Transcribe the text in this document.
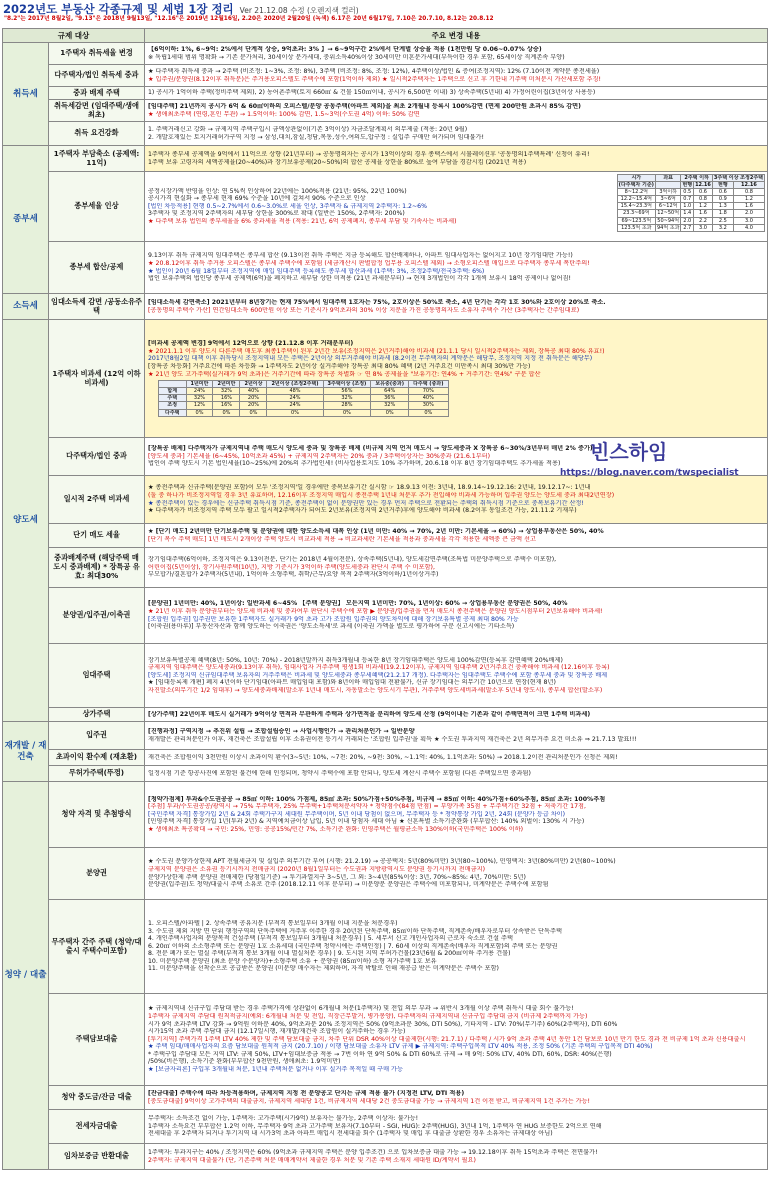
2022년도 부동산 각종규제 및 세법 1장 정리 Ver 21.12.08 수정 (오렌지색 컬러)
"8.2"는 2017년 8월2일, "9.13"은 2018년 9월13일, "12.16"은 2019년 12월16일, 2.20은 2020년 2월20일 (녹색) 6.17은 20년 6월17일, 7.10은 20.7.10, 8.12는 20.8.12
규제 대상	주요 변경 내용
취득세	1주택자 취득세율 변경	【6억이하: 1%, 6~9억: 2%에서 단계적 상승, 9억초과: 3% 】→ 6~9억구간 2%에서 단계별 상승율 적용 (1천만원 당 0.06~0.07% 상승)
※ 독립1세대 범위 명확화 → 기존 분가처리, 30세이상 분가세대, 중위소득40%이상 30세미만 미혼분가세대(부득이한 경우 포함, 65세이상 직계존속 부양)

다주택자/법인 취득세 중과	★ 다주택자 취득세 중과 → 2주택 (비조정: 1~3%, 조정: 8%), 3주택 (비조정: 8%, 조정: 12%), 4주택이상/법인 & 증여(조정지역): 12% (7.10이전 계약분 종전세율)
★ 입주권/분양권(8.12이후 취득분)은 주거용오피스텔도 주택수에 포함(1억이하 제외) ★ 일시적2주택자는 1주택으로 신고 후 기한내 기주택 미처분시 가산세포함 추징!

중과 배제 주택	1) 공시가 1억이하 주택(정비주택 제외), 2) 농어촌주택(토지 660㎡ & 건물 150㎡이내, 공시가 6,500만 이내) 3) 상속주택(5년내) 4) 가정어린이집(3년이상 사용등)

취득세감면 (임대주택/생애최초)	
[임대주택] 21년까지 공시가 6억 & 60㎡이하의 오피스텔/분양 공동주택(아파트 제외)을 최초 2개월내 등록시 100%감면 (면제 200만원 초과시 85% 감면)
★ 생애최초주택 (연령,혼인 무관) → 1.5억이하: 100% 감면, 1.5~3억(수도권 4억) 이하: 50% 감면

취득 요건강화	1. 주택거래신고 강화 → 규제지역 주택구입시 금액상관없이(기존 3억이상) 자금조달계획서 의무제출 (적용: 20년 9월)
2. 개발호재있는 토지거래허가구역 지정 → 삼성,대치,잠실,청담,목동,성수,여의도,압구정 : 실입주 구매만 허가되며 임대불가!

종부세	1주택자 부담축소 (공제액: 11억)	
1주택자 종부세 공제액을 9억에서 11억으로 상향 (21년부터) → 공동명의자는 공시가 13억이상의 경우 종택스에서 시뮬레이션후 '공동명의1주택특례' 신청이 유리!
1주택 보유 고령자의 세액공제율(20~40%)과 장기보유공제(20~50%)의 합산 공제율 상한을 80%로 높여 부담을 경감시킴 (2021년 적용)

종부세율 인상	
공정시장가액 반영율 인상: 연 5%씩 인상하여 22년에는 100%적용 (21년: 95%, 22년 100%)
공시가격 현실화 → 종부세 현재 69% 수준을 10년에 걸쳐서 90% 수준으로 인상
[법인 차등적용] 현행 0.5~2.7%에서 0.6~3.0%로 세율 인상, 3주택자 & 규제지역 2주택자: 1.2~6%
3주택자 및 조정지역 2주택자의 세부담 상한을 300%로 확대 (일반은 150%, 2주택자: 200%)
★ 다주택 보유 법인의 종부세율을 6% 중과세율 적용 (적용: 21년, 6억 공제폐지, 종부세 부담 및 기속사는 비과세)
시가	과표	2주택 이하	3주택 이상 조정2주택
(다주택자 기준)		현행	12.16	현행	12.16
8~12.2억	3억이하	0.5	0.6	0.6	0.8
12.2~15.4억	3~6억	0.7	0.8	0.9	1.2
15.4~23.3억	6~12억	1.0	1.2	1.3	1.6
23.3~69억	12~50억	1.4	1.6	1.8	2.0
69~123.5억	50~94억	2.0	2.2	2.5	3.0
123.5억 초과	94억 초과	2.7	3.0	3.2	4.0

종부세 합산/공제	
9.13이후 취득 규제지역 임대주택은 종부세 합산 (9.13이전 취득 주택은 지금 등록해도 합산배제하나, 아파트 임대사업자는 없어지고 10년 장기임대만 가능!)
★ 20.8.12이후 취득 주거용 오피스텔은 종부세 주택수에 포함됨 (세금개산시 판별합정 업무용 오피스텔 제외) → 소형오피스텔 매입으로 다주택자 종부세 폭탄주의!
★ 법인이 20년 6월 18일부터 조정지역에 매입 임대주택 등록해도 종부세 합산과세 (1주택: 3%, 조정2주택/전국3주택: 6%)
법인 보유주택의 법인당 종부세 공제액(6억)을 폐지하고 세부담 상한 미적용 (21년 과세분부터) → 현재 3개법인이 각각 1개씩 보유시 18억 공제이나 없어짐!

소득세	임대소득세 감면 /공동소유주택	
[임대소득세 감면축소] 2021년부터 8년장기는 현재 75%에서 임대주택 1호자는 75%, 2호이상은 50%로 축소, 4년 단기는 각각 1호 30%와 2호이상 20%로 축소.
[공동명의 주택수 가산] 연간임대소득 600만원 이상 또는 기준시가 9억초과의 30% 이상 지분을 가진 공동명의자도 소유자 주택수 가산 (3주택자는 간주임대료)

양도세	1주택자 비과세 (12억 이하 비과세)	
[비과세 공제액 변경] 9억에서 12억으로 상향 (21.12.8 이후 거래분부터)
★ 2021.1.1 이후 양도시 다른주택 매도후 최종1주택이 된후 2년간 보유(조정지역은 2년거주)해야 비과세 (21.1.1 당시 일시적2주택자는 제외, 장특공 최대 80% 유효!)
2017년8월2일 대책 이후 취득당시 조정지역내 모든 주택은 2년이상 의무거주해야 비과세 (8.2이전 무주택자의 계약분은 해당무, 조정지역 지정 전 취득분은 해당무)
[장특공 차등화] 거주요건에 따른 차등화 → 1주택자도 2년이상 실거주해야 장특공 최대 80% 혜택 (2년 거주요건 미만족시 최대 30%만 가능)
★ 21년 양도 고가주택(실거래가 9억 초과)은 거주기간에 따라 장특공 차별화 ☞ 연 8% 공제율을 "보유기간: 연4% + 거주기간: 연4%" 구분 합산
	1년미만	2년미만	2년이상	2년이상 (조정2주택)	3주택이상 (조정)	보유중(중과)	다주택 (중과)
합계	24%	32%	40%	48%	56%	64%	70%
주택	32%	16%	20%	24%	32%	36%	40%
조정	12%	16%	20%	24%	28%	32%	30%
다주택	0%	0%	0%	0%	0%	0%	0%

다주택자/법인 중과	
[장특공 배제] 다주택자가 규제지역내 주택 매도시 양도세 중과 및 장특공 배제 (비규제 지역 먼저 매도시 → 양도세중과 X 장특공 6~30%/3년부터 매년 2% 증가)
[양도세 중과] 기본세율 (6~45%, 10억초과 45%) + 규제지역 2주택자는 20% 중과 / 3주택이상자는 30%중과 (21.6.1부터)
법인이 주택 양도시 기본 법인세율(10~25%)에 20%의 추가법인세! (비사업용토지도 10% 추가하며, 20.6.18 이후 8년 장기임대주택도 추가세율 적용)

일시적 2주택 비과세	
★ 종전주택과 신규주택(분양권 포함)이 모두 '조정지역'일 경우에만 중복보유기간 실시함 ☞ 18.9.13 이전: 3년내, 18.9.14~19.12.16: 2년내, 19.12.17~: 1년내
(둘 중 하나가 비조정지역일 경우 3년 유효하며, 12.16이후 조정지역 매입시 종전주택 1년내 처분후 추가 전입해야 비과세 가능하며 입주권 양도는 양도세 중과 최대2년연장)
★ 종전주택이 있는 경우에는 신규주택 취득시점 기준, 종전주택이 없이 분양권만 있는 경우 먼저 주택으로 전환되는 주택의 취득시점 기준으로 중복보유기간 산정!
★ 다주택자가 비조정지역 주택 모두 팔고 일시적2주택자가 되어도 2년보유(조정지역 2년거주)후에 양도해야 비과세 (8.2이후 동일조건 가능, 21.11.2 기재부)

단기 매도 세율	★ [단기 매도] 2년미만 단기보유주택 및 분양권에 대한 양도소득세 대폭 인상 (1년 미만: 40% → 70%, 2년 미만: 기본세율 → 60%) → 상업용부동산은 50%, 40%
[단기 복수 주택 매도] 1년 매도시 2개이상 주택 양도시 비교과세 적용 → 비교과세란 기본세율 적용과 중과세율 각각 적용한 세액중 큰 금액 선고

중과배제주택 (해당주택 매도시 중과배제) * 장특공 유효: 최대30%	
장기임대주택(6억이하, 조정지역은 9.13이전분, 단기는 2018년 4월이전분), 상속주택(5년내), 양도세감면주택(조특법 미분양주택으로 주택수 미포함),
어린이집(5년이상), 장기사원주택(10년), 지방 기준시가 3억이하 주택(양도세중과 판단시 주택 수 미포함),
부모합가/결혼합가 2주택자(5년내), 1억이하 소형주택, 취학/근무/요양 목적 2주택자(3억이하/1년이상거주)

분양권/입주권/이축권	
[분양권] 1년미만: 40%, 1년이상: 일반과세 6~45% 【주택 분양권】 모든지역 1년미만: 70%, 1년이상: 60% → 상업용부동산 분양권은 50%, 40%
★ 21년 이후 취득 분양권부터는 양도세 비과세 및 중과여부 판단시 주택수에 포함 ▶ 분양권/입주권을 먼저 매도시 종전주택은 분양권 양도시점부터 2년보유해야 비과세!
[조합원 입주권] 입주권만 보유한 1주택자도 실거래가 9억 초과 고가 조합원 입주권의 양도차익에 대해 장기보유특별 공제 최대 80% 가능
[이축권(용마루)] 부동산자산과 함께 양도하는 이축권은 '양도소득세'로 과세 (이축권 가액을 별도로 평가하여 구분 신고시에는 기타소득)

임대주택	
장기보유특별공제 혜택(8년: 50%, 10년: 70%) - 2018년말까지 취득3개월내 등록한 8년 장기임대주택은 양도세 100%감면(등록후 감면혜택 20%배제)
규제지역 임대주택은 양도세중과(9.13이후 취득), 임대사업자 거주주택 평생1회 비과세(19.2.12이후), 규제지역 임대주택 2년거주요건 충족해야 비과세 (12.16이후 등록)
[양도세] 조정지역 신규임대주택 보유자의 거주주택은 비과세 및 양도세중과 종부세혜택(21.2.17 개정). 다주택자는 임대주택도 주택수에 포함 종부세 중과 및 장특공 배제
★ [임대등록제 개편] 폐지 4년이하 단기임대(아파트 매입임대 포함)와 8년이하 매입임대 전환불가, 신규 장기임대는 의무기간 10년으로 연장(현재 8년)
자진말소(의무기간 1/2 임대후) → 양도세중과배제(말소후 1년내 매도시, 자동말소는 양도시기 무관), 거주주택 양도세비과세(말소후 5년내 양도시), 종부세 합산(말소후)

상가주택	[상가주택] 22년이후 매도시 실거래가 9억이상 면적과 무관하게 주택과 상가면적을 분리하여 양도세 산정 (9억이내는 기존과 같이 주택면적이 크면 1주택 비과세)

재개발 / 재건축	입주권	[진행과정] 구역지정 → 추진위 설립 → 조합설립승인 → 사업시행인가 → 관리처분인가 → 일반분양
재개발은 관리처분인가 이후, 재건축은 조합설립 이후 소유권이전 등기시 거래되는 '조합원 입주권'을 획득 ★ 수도권 투과지역 재건축은 2년 의무거주 요건 미소유 ⇒ 21.7.13 발표!!!

초과이익 환수제 (재초환)	재건축은 조합원이익 3천만원 이상시 초과이익 환수(3~5년: 10%, ~7천: 20%, ~9천: 30%, ~1.1억: 40%, 1.1억초과: 50%) → 2018.1.2이전 관리처분인가 신청은 제외!

무허가주택(뚜껑)	일정시점 기준 항공사진에 포함된 불건에 한해 인정되며, 청약시 주택수에 포함 안되나, 양도세 계산시 주택수 포함됨 (다른 주택있으면 중과됨)

청약 / 대출	청약 자격 및 추첨방식	
[청약가점제] 투과&수도권공공 → 85㎡ 이하: 100% 가점제, 85㎡ 초과: 50%가점+50%추첨, 비규제 → 85㎡ 이하: 40%가점+60%추첨, 85㎡ 초과: 100%추첨
[추첨] 투과/수도권공공/광역시 → 75% 무주택자, 25% 무주택+1주택처분서약자 * 청약점수(84점 만점) = 부양가족 35점 + 무주택기간 32점 + 저축기간 17점,
[국민주택 자격] 통장가입 2년 & 24회 주택가구지 세대원 무주택이며, 5년 이내 당첨이 없으며, 무주택자 등 * 청약통장 가입 2년, 24회 (분양가 등급 차이)
[민영주택 자격] 통장가입 1년(투과 2년) & 지역예치금이상 납입, 5년 이내 당첨자 세대 아님 ★ 신혼특별 소득기준완화 (부부합산: 140% 외벌이: 130% 시 가능)
★ 생애최초 특공확대 → 국민: 25%, 민영: 공공15%/민간 7%, 소득기준 완화: 민영주택은 월평균소득 130%이하(국민주택은 100% 이하)

분양권	
★ 수도권 분양가상한제 APT 전월세금지 및 실입주 의무기간 부여 (시행: 21.2.19) → 공공택지: 5년(80%미만) 3년(80~100%), 민영택지: 3년(80%미만) 2년(80~100%)
규제지역 분양권은 소유권 등기시까지 전매금지 (2020년 8월1일부터는 수도권과 지방광역시도 분양권 등기시까지 전매금지)
분양가상한제 주택 분양권 전매제한 (당첨일기준) → 투기과열지구 3~5년, 그 외: 3~4년(85%이상: 3년, 70%~85%: 4년, 70%미만: 5년)
분양권(입주권)도 청약/대출시 주택 소유로 간주 (2018.12.11 이후 분부터) → 미분양분 분양권은 주택수에 미포함되나, 미계약분은 주택수에 포함됨

무주택자 간주 주택 (청약/대출시 주택수미포함)	
1. 오피스텔/아파텔 | 2. 상속주택 공유지분 (부적격 통보일부터 3개월 이내 지분을 처분경우)
3. 수도권 제외 지방 면 단위 행정구역의 단독주택에 거주후 이주한 경우 20년된 단독주택, 85㎡이하 단독주택, 직계존속/배우자로부터 상속받은 단독주택
4. 개인주택사업자의 분양목적 건설주택 (부적격 통보일부터 3개월내 처분경우) | 5. 세무서 신고 개인사업자의 근로자 숙소로 건설 주택
6. 20㎡ 이하의 소소형주택 또는 분양권 1호 소유세대 (국민주택 청약시에는 주택인정) | 7. 60세 이상의 직계존속(배우자 직계포함)의 주택 또는 분양권
8. 전분 폐가 또는 멸실 주택(부적격 통보 3개월 이내 멸실처분 경우) | 9. 도시된 지역 무허가건물(23년6월 & 200㎡이하 주거용 건물)
10. 미분양주택 분양권 (최초 분양 수분양자)+소형주택 소유 + 분양권 (85㎡이하) 소형 저가주택 1호 보유
11. 미분양주택을 선착순으로 공급받은 분양권 (미분양 매수자는 제외하며, 자격 박탈로 인해 재공급 받은 미계약분은 주택수 포함)

주택담보대출	
★ 규제지역내 신규구입 주담대 받는 경우 주택가격에 상관없이 6개월내 처분(1주택자) 및 전입 의무 부과 → 위반시 3개월 이상 주택 취득시 대출 회수 불가능!
1주택자 규제지역 주담대 원칙적금지(예외: 6개월내 처분 및 전입, 직장근무발거, 병가봉양), 다주택자의 규제지역내 신규구입 주담대 금지 (비규제 2주택까지 가능)
시가 9억 초과주택 LTV 강화 → 9억원 이하분 40%, 9억초과분 20% 조정지역은 50% (9억초과분 30%, DTI 50%), 기타지역 - LTV: 70%(무기주) 60%(2주택자), DTI 60%
시가15억 초과 주택 주담대 금지 (12.17일시행, 재개발/재건축 조합원이 실거주하는 경우 가능)
[투기지역] 주택가격 1주택 LTV 40% 제한 및 주택 담보대출 금지, 차주 단위 DSR 40%이상 대출제한(시행: 21.7.1) / 다주택 / 시가 9억 초과 주택 4년 동안 1건 담보로 10년 만기 한도 경과 전 비규제 1억 초과 신용대출시
★ 주택 임대/매매사업자의 요즘 담보대출 원칙적 금지 (20.7.10) / 이행 담보대출 소유자 LTV 규제 ▶ 규제지역: 주택구입목적 LTV 40% 적용, 조정 50% (기존 주택의 구입목적 DTI 40%)
* 주택구입 주담대 모든 지역 LTV: 규제 50%, LTV+임대보증금 적용 → 7번 이하 연 9억 50% & DTI 60%로 규제 → 매 9억: 50% LTV, 40% DTI, 60%, DSR: 40%(은행)
/50%(비은행), 소득기준 완화(부부합산 9천만원, 생애최초: 1.9억미만)
★ [보금자리론] 구입후 3개월내 처분, 1년내 주택처분 없거나 이후 실거주 목적일 때 구매 가능

청약 중도금/잔금 대출	[잔금대출] 주택수에 따라 차등적용하며, 규제지역 지정 전 분양공고 단지는 규제 적용 불가 (지정전 LTV, DTI 적용)
[중도금대출] 9억이상 고가주택의 대출금지, 규제지역 세대당 1건, 비규제지역 세대당 2건 중도금대출 가능 → 규제지역 1건 이전 받고, 비규제지역 1건 추가는 가능!

전세자금대출	
무주택자: 소득조건 없이 가능, 1주택자: 고가주택(시가9억) 보유자는 불가능, 2주택 이상자: 불가능!
1주택자 소득요건 부부합산 1.2억 이하, 무주택자 9억 초과 고가주택 보유자(7.10부터 - SGI, HUG): 2주택(HUG), 3년내 1억, 1주택자 연 HUG 보증한도 2억으로 연해
전세대출 후 2주택자 되거나 투기지역 내 시가3억 초과 아파트 매입시 전세대출 회수 (1주택자 및 매입 후 대출금 상환한 경우 소유자는 규제대상 아님)

임차보증금 반환대출	1주택자: 투과지구는 40% / 조정지역은 60% (9억초과 규제지역 주택은 분양 입주조건) 으로 입차보증금 대출 가능 → 19.12.18이후 취득 15억초과 주택은 전면불가!
2주택자: 규제지역 대출불가 (단, 기존주택 처분 매매계약서 제출한 경우 처분 및 기존 주택 소재지 세대원 ID/계약서 필요)
빈스하임
https://blog.naver.com/twspecialist
